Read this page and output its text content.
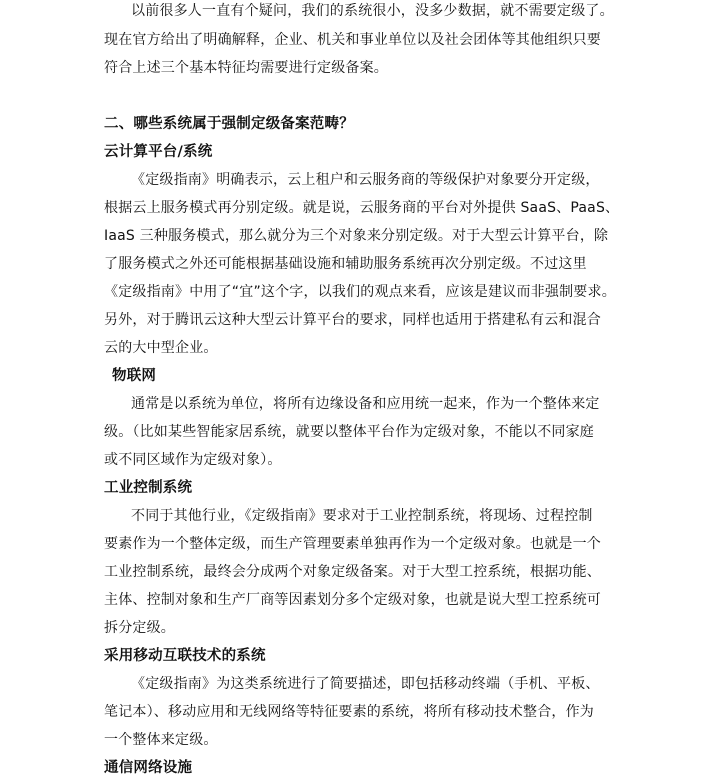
以前很多人一直有个疑问，我们的系统很小，没多少数据，就不需要定级了。
现在官方给出了明确解释，企业、机关和事业单位以及社会团体等其他组织只要
符合上述三个基本特征均需要进行定级备案。
二、哪些系统属于强制定级备案范畴？
云计算平台/系统
《定级指南》明确表示，云上租户和云服务商的等级保护对象要分开定级，
根据云上服务模式再分别定级。就是说，云服务商的平台对外提供 SaaS、PaaS、
IaaS 三种服务模式，那么就分为三个对象来分别定级。对于大型云计算平台，除
了服务模式之外还可能根据基础设施和辅助服务系统再次分别定级。不过这里
《定级指南》中用了“宜”这个字，以我们的观点来看，应该是建议而非强制要求。
另外，对于腾讯云这种大型云计算平台的要求，同样也适用于搭建私有云和混合
云的大中型企业。
物联网
通常是以系统为单位，将所有边缘设备和应用统一起来，作为一个整体来定
级。（比如某些智能家居系统，就要以整体平台作为定级对象，不能以不同家庭
或不同区域作为定级对象）。
工业控制系统
不同于其他行业，《定级指南》要求对于工业控制系统，将现场、过程控制
要素作为一个整体定级，而生产管理要素单独再作为一个定级对象。也就是一个
工业控制系统，最终会分成两个对象定级备案。对于大型工控系统，根据功能、
主体、控制对象和生产厂商等因素划分多个定级对象，也就是说大型工控系统可
拆分定级。
采用移动互联技术的系统
《定级指南》为这类系统进行了简要描述，即包括移动终端（手机、平板、
笔记本）、移动应用和无线网络等特征要素的系统，将所有移动技术整合，作为
一个整体来定级。
通信网络设施
